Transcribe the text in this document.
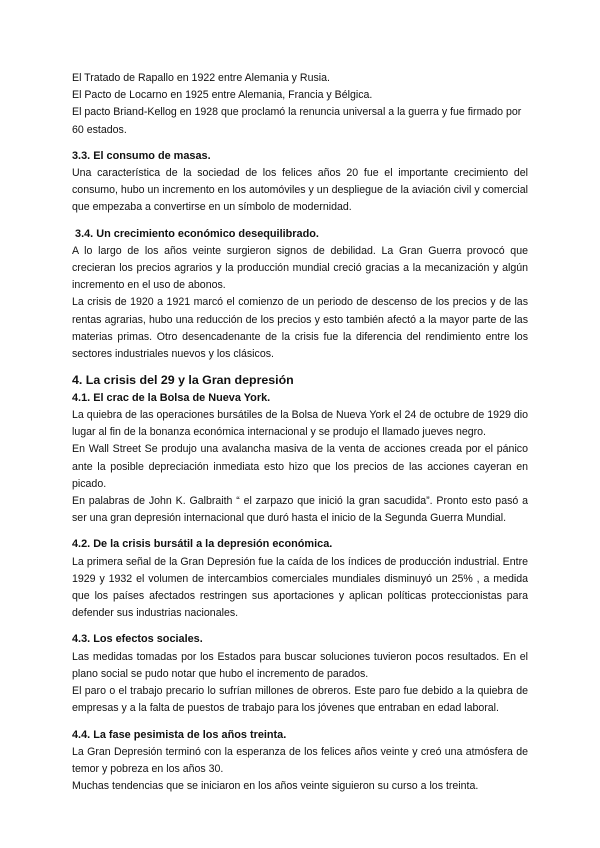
El Tratado de Rapallo en 1922 entre Alemania y Rusia.

El Pacto de Locarno en 1925 entre Alemania, Francia y Bélgica.

El pacto Briand-Kellog en 1928 que proclamó la renuncia universal a la guerra y fue firmado por 60 estados.

3.3. El consumo de masas.

Una característica de la sociedad de los felices años 20 fue el importante crecimiento del consumo, hubo un incremento en los automóviles y un despliegue de la aviación civil y comercial que empezaba a convertirse en un símbolo de modernidad.

3.4. Un crecimiento económico desequilibrado.

A lo largo de los años veinte surgieron signos de debilidad. La Gran Guerra provocó que crecieran los precios agrarios y la producción mundial creció gracias a la mecanización y algún incremento en el uso de abonos.

La crisis de 1920 a 1921 marcó el comienzo de un periodo de descenso de los precios y de las rentas agrarias, hubo una reducción de los precios y esto también afectó a la mayor parte de las materias primas. Otro desencadenante de la crisis fue la diferencia del rendimiento entre los sectores industriales nuevos y los clásicos.

4. La crisis del 29 y la Gran depresión
4.1. El crac de la Bolsa de Nueva York.

La quiebra de las operaciones bursátiles de la Bolsa de Nueva York el 24 de octubre de 1929 dio lugar al fin de la bonanza económica internacional y se produjo el llamado jueves negro.

En Wall Street Se produjo una avalancha masiva de la venta de acciones creada por el pánico ante la posible depreciación inmediata esto hizo que los precios de las acciones cayeran en picado.

En palabras de John K. Galbraith “ el zarpazo que inició la gran sacudida”. Pronto esto pasó a ser una gran depresión internacional que duró hasta el inicio de la Segunda Guerra Mundial.

4.2. De la crisis bursátil a la depresión económica.

La primera señal de la Gran Depresión fue la caída de los índices de producción industrial. Entre 1929 y 1932 el volumen de intercambios comerciales mundiales disminuyó un 25% , a medida que los países afectados restringen sus aportaciones y aplican políticas proteccionistas para defender sus industrias nacionales.

4.3. Los efectos sociales.

Las medidas tomadas por los Estados para buscar soluciones tuvieron pocos resultados. En el plano social se pudo notar que hubo el incremento de parados.

El paro o el trabajo precario lo sufrían millones de obreros. Este paro fue debido a la quiebra de empresas y a la falta de puestos de trabajo para los jóvenes que entraban en edad laboral.

4.4. La fase pesimista de los años treinta.

La Gran Depresión terminó con la esperanza de los felices años veinte y creó una atmósfera de temor y pobreza en los años 30.

Muchas tendencias que se iniciaron en los años veinte siguieron su curso a los treinta.
